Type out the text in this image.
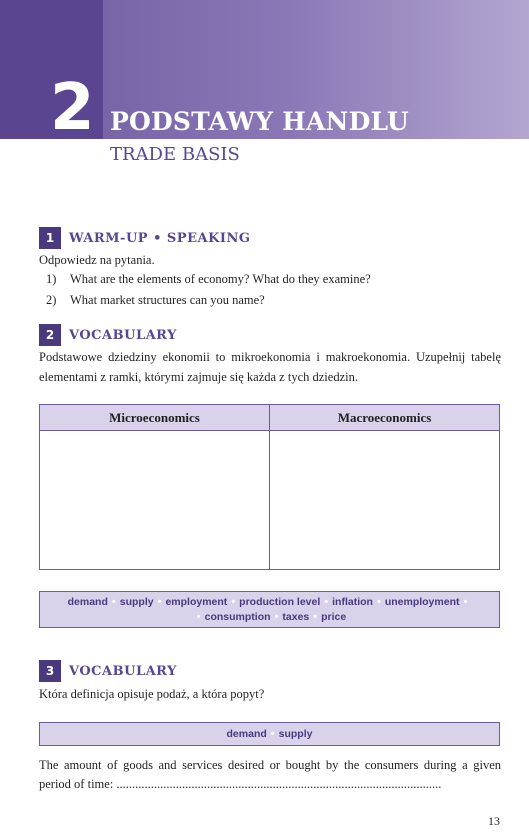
2 PODSTAWY HANDLU
TRADE BASIS
1	WARM-UP • SPEAKING
Odpowiedz na pytania.
1) What are the elements of economy? What do they examine?
2) What market structures can you name?
2	VOCABULARY
Podstawowe dziedziny ekonomii to mikroekonomia i makroekonomia. Uzupełnij tabelę elementami z ramki, którymi zajmuje się każda z tych dziedzin.
Microeconomics	Macroeconomics
demand • supply • employment • production level • inflation • unemployment •
• consumption • taxes • price
3	VOCABULARY
Która definicja opisuje podaż, a która popyt?
demand • supply
The amount of goods and services desired or bought by the consumers during a given period of time: ........................................................................................................
13
